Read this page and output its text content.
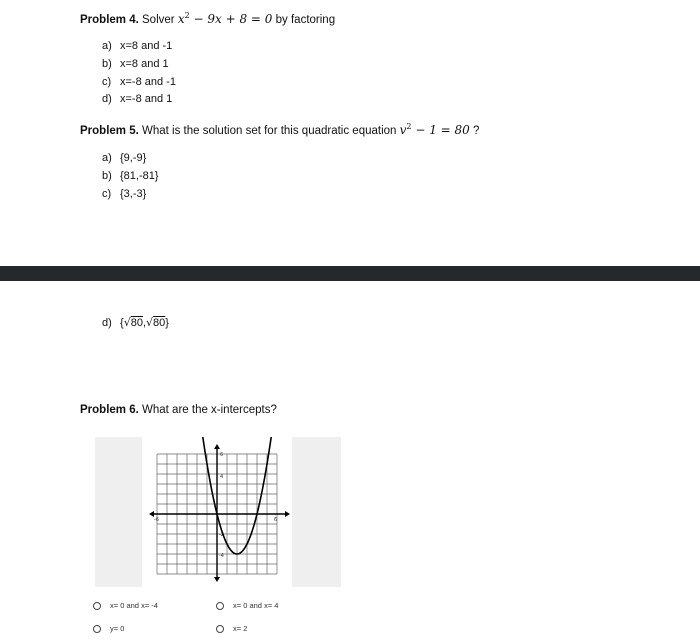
Problem 4. Solver $x^2 - 9x + 8 = 0$ by factoring
a) x=8 and -1
b) x=8 and 1
c) x=-8 and -1
d) x=-8 and 1
Problem 5. What is the solution set for this quadratic equation $v^2 - 1 = 80$ ?
a) {9,-9}
b) {81,-81}
c) {3,-3}
d) {√80,√80}
Problem 6. What are the x-intercepts?
6
4
-2
-4
-6	6
x= 0 and x= -4	x= 0 and x= 4
y= 0	x= 2
